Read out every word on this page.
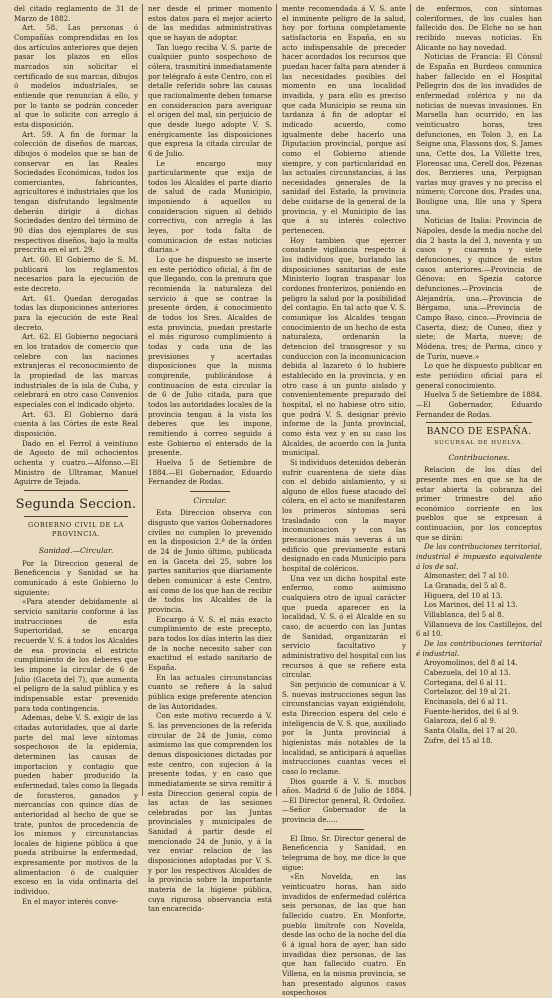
del citado reglamento de 31 de Marzo de 1882.

Art. 58. Las personas ó Compañías comprendidas en los dos artículos anteriores que dejen pasar los plazos en ellos marcados sin solicitar el certificado de sus marcas, dibujos ó modelos industriales, se entiende que renuncian á ello, y por lo tanto se podrán conceder al que lo solicite con arreglo á esta disposición.

Art. 59. A fin de formar la colección de diseños de marcas, dibujos ó modelos que se han de conservar en las Reales Sociedades Económicas, todos los comerciantes, fabricantes, agricultores é industriales que los tengan disfrutando legalmente deberán dirigir á dichas Sociedades dentro del término de 90 días dos ejemplares de sus respectivos diseños, bajo la multa prescrita en el art. 29.

Art. 60. El Gobierno de S. M. publicará los reglamentos necesarios para la ejecución de este decreto.

Art. 61. Quedan derogadas todas las disposiciones anteriores para la ejecución de este Real decreto.

Art. 62. El Gobierno negociará en los tratados de comercio que celebre con las naciones extranjeras el reconocimiento de la propiedad de las marcas industriales de la isla de Cuba, y celebrará en otro caso Convenios especiales con el indicado objeto.

Art. 63. El Gobierno dará cuenta á las Córtes de este Real disposición.

Dado en el Ferrol á veintiuno de Agosto de mil ochocientos ochenta y cuatro.—Alfonso.—El Ministro de Ultramar, Manuel Aguirre de Tejada.

Segunda Seccion.
GOBIERNO CIVIL DE LA PROVINCIA.
Sanidad.—Circular.

Por la Direccion general de Beneficencia y Sanidad se ha comunicado á este Gobierno lo siguiente:

«Para atender debidamente al servicio sanitario conforme á las instrucciones de esta Superioridad, se encarga recuerde V. S. á todos los Alcaldes de esa provincia el estricto cumplimiento de los deberes que les impone la circular de 6 de Julio (Gaceta del 7), que aumenta el peligro de la salud pública y es indispensable estar prevenido para toda contingencia.

Ademas, debe V. S. exigir de las citadas autoridades, que al darle parte del mal leve síntomas sospechosos de la epidemia, determinen las causas de importacion y contagio que pueden haber producido la enfermedad, tales como la llegada de forasteros, ganados y mercancías con quince días de anterioridad al hecho de que se trate, puntos de procedencia de los mismos y circunstancias locales de higiene pública á que pueda atribuirse la enfermedad, expresamente por motivos de la alimentacion ó de cualquier exceso en la vida ordinaria del individuo.

En el mayor interés conve-

ner desde el primer momento estos datos para el mejor acierto de las medidas administrativas que se hayan de adoptar.

Tan luego reciba V. S. parte de cualquier punto sospechoso de cólera, trasmitirá inmediatamente por telégrafo á este Centro, con el detalle referido sobre las causas que racionalmente deben tomarse en consideracion para averiguar el origen del mal, sin perjuicio de que desde luego adopte V. S. enérgicamente las disposiciones que expresa la citada circular de 6 de Julio.

Le encargo muy particularmente que exija de todos los Alcaldes el parte diario de salud de cada Municipio, imponiendo á aquellos su consideracion siguen al debido correctivo, con arreglo á las leyes, por toda falta de comunicacion de estas noticias diarias.»

Lo que he dispuesto se inserte en este periódico oficial, á fin de que llegando, con la premura que recomienda la naturaleza del servicio á que se contrae la presente órden, á conocimiento de todos los Sres. Alcaldes de esta provincia, puedan prestarle el más riguroso cumplimiento á todas y cada una de las previsiones y acertadas disposiciones que la misma comprende, publicándose á continuacion de esta circular la de 6 de Julio citada, para que todos las autoridades locales de la provincia tengan á la vista los deberes que les impone, remitiendo á correo seguido á este Gobierno el enterado de la presente.

Huelva 5 de Setiembre de 1884.—El Gobernador, Eduardo Fernandez de Rodas.

Circular.

Esta Direccion observa con disgusto que varios Gobernadores civiles no cumplen lo prevenido en la disposicion 2.ª de la órden de 24 de Junio último, publicada en la Gaceta del 25, sobre los partes sanitarios que diariamente deben comunicar á este Centro, así como de los que han de recibir de todos los Alcaldes de la provincia.

Encargo á V. S. el más exacto cumplimiento de este precepto, para todos los días interin las diez de la noche necesito saber con exactitud el estado sanitario de España.

En las actuales circunstancias cuanto se refiere á la salud pública exige preferente atencion de las Autoridades.

Con este motivo recuerdo á V. S. las prevenciones de la referida circular de 24 de Junio, como asimismo las que comprenden los demas disposiciones dictadas por este centro, con sujecion á la presente todas, y en caso que inmediatamente se sirva remitir á esta Direccion general copia de las actas de las sesiones celebradas por las Juntas provinciales y municipales de Sanidad á partir desde el mencionado 24 de Junio, y á la vez enviar relacion de las disposiciones adoptadas por V. S. y por los respectivos Alcaldes de la provincia sobre la importante materia de la higiene pública, cuya rigurosa observancia está tan encarecida-

mente recomendada á V. S. ante el inminente peligro de la salud, hoy por fortuna completamente satisfactoria en España, en su acto indispensable de preceder hacer acordados los recursos que puedan hacer falta para atender á las necesidades posibles del momento en una localidad invadida, y para ello es preciso que cada Municipio se reuna sin tardanza á fin de adoptar el indicado acuerdo, como igualmente debe hacerlo una Diputacion provincial, porque así como el Gobierno atiende siempre, y con particularidad en las actuales circunstancias, á las necesidades generales de la sanidad del Estado, la provincia debe cuidarse de la general de la provincia, y el Municipio de las que á su interés colectivo pertenecen.

Hoy tambien que ejercer constante vigilancia respecto á los individuos que, burlando las disposiciones sanitarias de este Ministerio logran traspasar los cordones fronterizos, poniendo en peligro la salud por la posibilidad del contagio. En tal acto que V. S. comunique los Alcaldes tengan conocimiento de un hecho de esta naturaleza, ordenarán la detencion del transgresor y su conduccion con la incomunicacion debida al lazareto ó lo hubiere establecido en la provincia, y en otro caso á un punto aislado y convenientemente preparado del hospital, el no habiese otro sitio, que podrá V. S. designar prévio informe de la Junta provincial, como ésta vez y en su caso los Alcaldes, de acuerdo con la Junta municipal.

Si individuos detenidos deberán sufrir cuarentena de siete días con el debido aislamiento, y si alguno de ellos fuese atacado del cólera, en el acto se manifestaren los primeros síntomas será trasladado con la mayor incomunicacion y con las precauciones más severas á un edificio que previamente estará designado en cada Municipio para hospital de coléricos.

Una vez un dicho hospital este enfermo, como asimismo cualquiera otro de igual carácter que pueda aparecer en la localidad, V. S. ó el Alcalde en su caso, de acuerdo con las Juntas de Sanidad, organizarán el servicio facultativo y administrativo del hospital con los recursos á que se refiere esta circular.

Sin perjuicio de comunicar á V. S. nuevas instrucciones segun las circunstancias vayan exigiéndolo, esta Direccion espera del celo é inteligencia de V. S. que, auxiliado por la Junta provincial á higienistas más notables de la localidad, se anticipará á aquellas instrucciones cuantas veces el caso lo reclame.

Dios guarde á V. S. muchos años. Madrid 6 de Julio de 1884.—El Director general, R. Ordoñez.—Señor Gobernador de la provincia de.....

El Ilmo. Sr. Director general de Beneficencia y Sanidad, en telegrama de hoy, me dice lo que sigue:

«En Novelda, en las veinticuatro horas, han sido invadidos de enfermedad colérica seis personas, de las que han fallecido cuatro. En Monforte, pueblo limítrofe con Novelda, desde las ocho de la noche del dia 6 á igual hora de ayer, han sido invadidas diez personas, de las que han fallecido cuatro. En Villena, en la misma provincia, se han presentado algunos casos sospechosos

de enfermos, con síntomas coleriformes, de los cuales han fallecido dos. De Elche no se han recibido nuevas noticias. En Alicante no hay novedad.

Noticias de Francia: El Cónsul de España en Burdeos comunica haber fallecido en el Hospital Pellegrin dos de los invadidos de enfermedad colérica y no da noticias de nuevas invasiones. En Marsella han ocurrido, en las veinticuatro horas, tres defunciones, en Tolon 3, en La Seigne una, Flassons dos, S. James una, Cette dos, La Villette tres, Florensac una, Cerell dos, Pézenas dos, Berzieres una, Perpignan varias muy graves y no precisa el número; Corcone dos, Prades una, Bouligne una, Ille una y Spera una.

Noticias de Italia: Provincia de Nápoles, desde la media noche del dia 2 hasta la del 3, noventa y un casos y cuarenta y siete defunciones, y quince de estos casos anteriores.—Provincia de Génova: en Spezia catorce defunciones.—Provincia de Alejandría, una.—Provincia de Bérgamo, una.—Provincia de Campo Baso, cinco.—Provincia de Caserta, diez; de Cuneo, diez y siete; de Marta, nueve; de Módena, tres; de Parma, cinco y de Turín, nueve.»

Lo que he dispuesto publicar en este periódico oficial para el general conocimiento.

Huelva 5 de Setiembre de 1884.—El Gobernador, Eduardo Fernandez de Rodas.

BANCO DE ESPAÑA.
SUCURSAL DE HUELVA.
Contribuciones.

Relacion de los días del presente mes en que se ha de estar abierta la cobranza del primer trimestre del año económico corriente en los pueblos que se expresan á continuacion, por los conceptos que se dirán:

De las contribuciones territorial, industrial é impuesto equivalente á los de sal.

Almonaster, del 7 al 10.

La Granada, del 5 al 8.

Higuera, del 10 al 13.

Los Marinos, del 11 al 13.

Villablanca, del 5 al 8.

Villanueva de los Castillejos, del 6 al 10.

De las contribuciones territorial é industrial.

Aroyomolinos, del 8 al 14.

Cabezuela, del 10 al 13.

Cortegana, del 6 al 11.

Cortelazor, del 19 al 21.

Encinasola, del 6 al 11.

Fuente-heridos, del 6 al 9.

Galaroza, del 6 al 9.

Santa Olalla, del 17 al 20.

Zufre, del 15 al 18.
